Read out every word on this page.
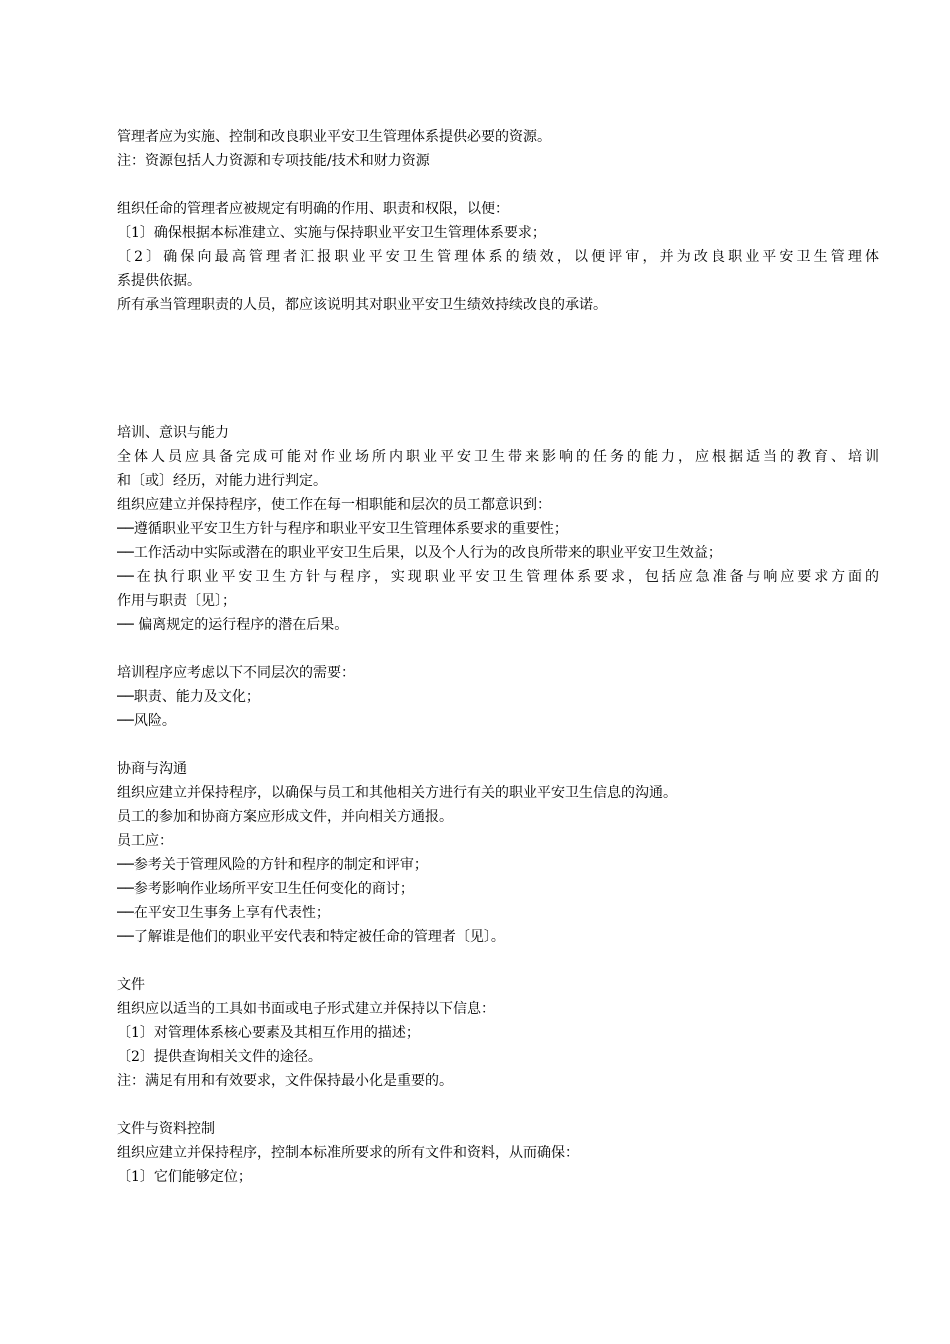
管理者应为实施、控制和改良职业平安卫生管理体系提供必要的资源。
注：资源包括人力资源和专项技能/技术和财力资源
组织任命的管理者应被规定有明确的作用、职责和权限，以便：
〔1〕确保根据本标准建立、实施与保持职业平安卫生管理体系要求；
〔2〕确保向最高管理者汇报职业平安卫生管理体系的绩效，以便评审，并为改良职业平安卫生管理体
系提供依据。
所有承当管理职责的人员，都应该说明其对职业平安卫生绩效持续改良的承诺。
培训、意识与能力
全体人员应具备完成可能对作业场所内职业平安卫生带来影响的任务的能力，应根据适当的教育、培训
和〔或〕经历，对能力进行判定。
组织应建立并保持程序，使工作在每一相职能和层次的员工都意识到：
──遵循职业平安卫生方针与程序和职业平安卫生管理体系要求的重要性；
──工作活动中实际或潜在的职业平安卫生后果，以及个人行为的改良所带来的职业平安卫生效益；
──在执行职业平安卫生方针与程序，实现职业平安卫生管理体系要求，包括应急准备与响应要求方面的
作用与职责〔见〕；
── 偏离规定的运行程序的潜在后果。
培训程序应考虑以下不同层次的需要：
──职责、能力及文化；
──风险。
协商与沟通
组织应建立并保持程序，以确保与员工和其他相关方进行有关的职业平安卫生信息的沟通。
员工的参加和协商方案应形成文件，并向相关方通报。
员工应：
──参考关于管理风险的方针和程序的制定和评审；
──参考影响作业场所平安卫生任何变化的商讨；
──在平安卫生事务上享有代表性；
──了解谁是他们的职业平安代表和特定被任命的管理者〔见〕。
文件
组织应以适当的工具如书面或电子形式建立并保持以下信息：
〔1〕对管理体系核心要素及其相互作用的描述；
〔2〕提供查询相关文件的途径。
注：满足有用和有效要求，文件保持最小化是重要的。
文件与资料控制
组织应建立并保持程序，控制本标准所要求的所有文件和资料，从而确保：
〔1〕它们能够定位；
